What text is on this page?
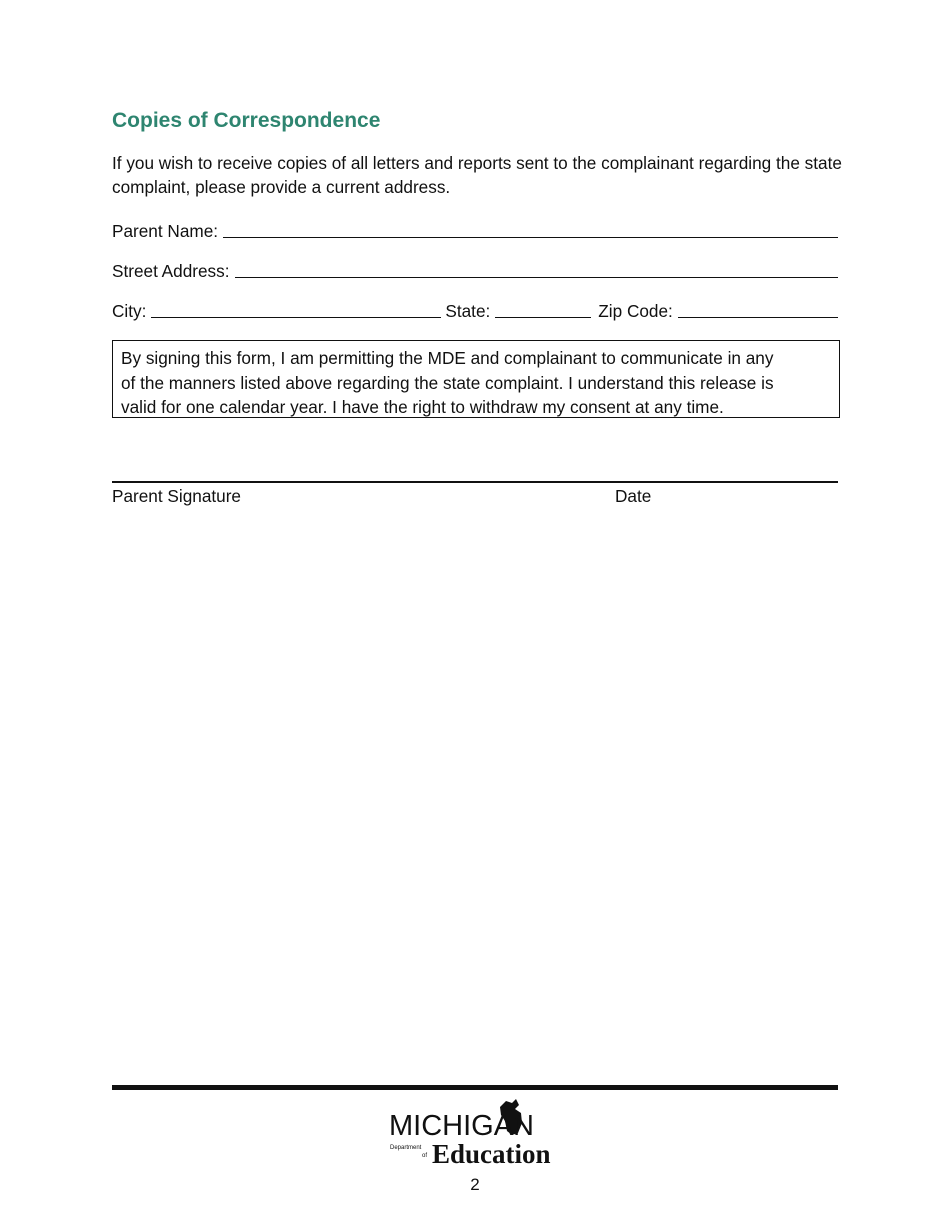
Copies of Correspondence

If you wish to receive copies of all letters and reports sent to the complainant regarding the state complaint, please provide a current address.

Parent Name:
Street Address:
City:	State:	Zip Code:
By signing this form, I am permitting the MDE and complainant to communicate in any
of the manners listed above regarding the state complaint. I understand this release is
valid for one calendar year. I have the right to withdraw my consent at any time.
Parent Signature	Date
MICHIGAN
Department
of Education
2
